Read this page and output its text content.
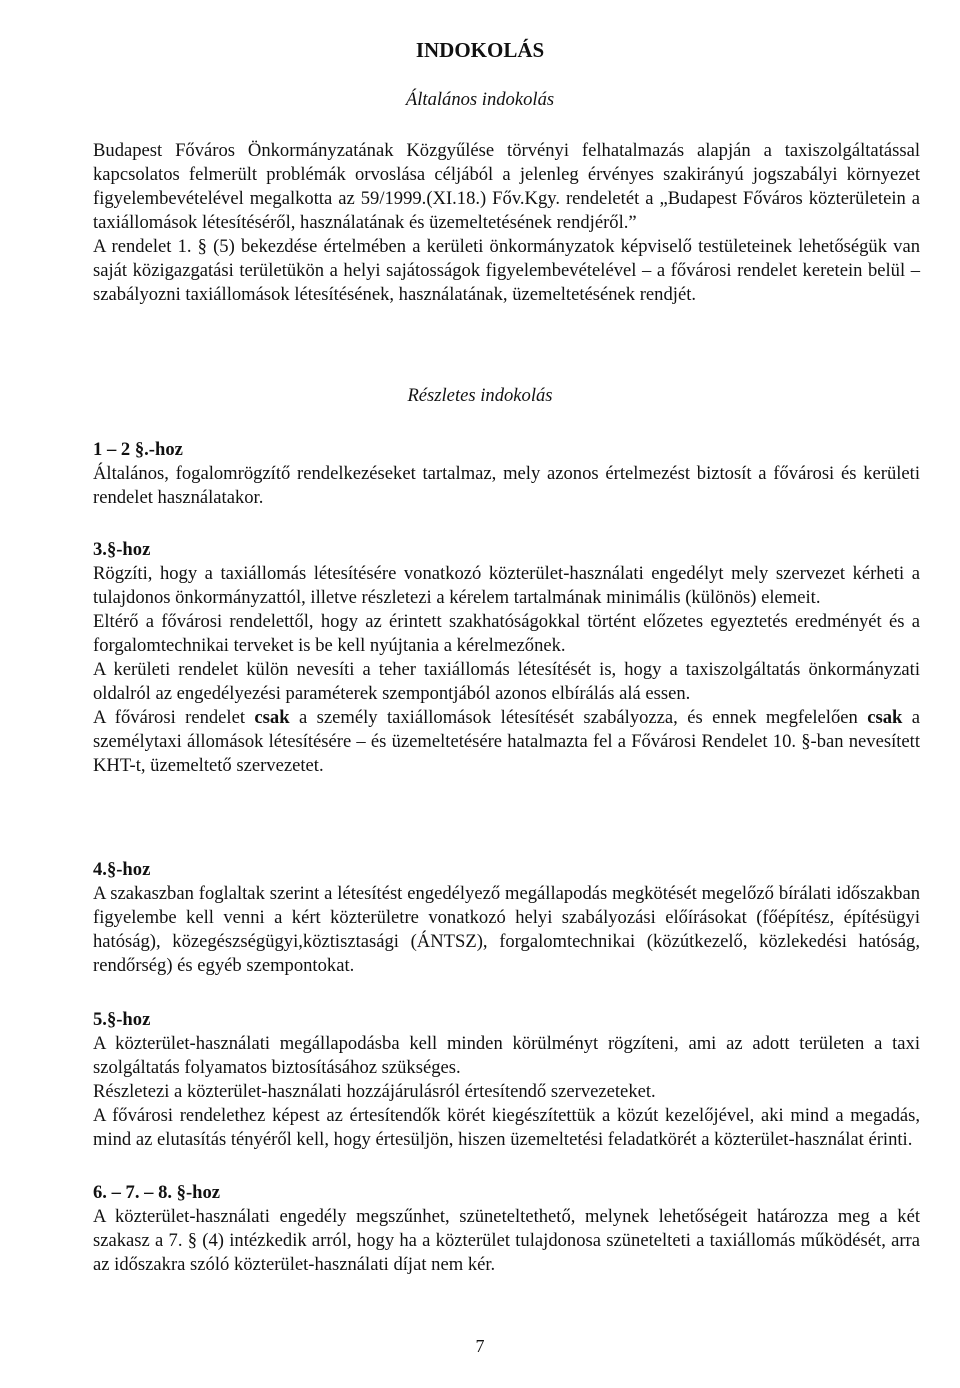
INDOKOLÁS
Általános indokolás

Budapest Főváros Önkormányzatának Közgyűlése törvényi felhatalmazás alapján a taxiszolgáltatással kapcsolatos felmerült problémák orvoslása céljából a jelenleg érvényes szakirányú jogszabályi környezet figyelembevételével megalkotta az 59/1999.(XI.18.) Főv.Kgy. rendeletét a „Budapest Főváros közterületein a taxiállomások létesítéséről, használatának és üzemeltetésének rendjéről.”

A rendelet 1. § (5) bekezdése értelmében a kerületi önkormányzatok képviselő testületeinek lehetőségük van saját közigazgatási területükön a helyi sajátosságok figyelembevételével – a fővárosi rendelet keretein belül – szabályozni taxiállomások létesítésének, használatának, üzemeltetésének rendjét.

Részletes indokolás
1 – 2 §.-hoz

Általános, fogalomrögzítő rendelkezéseket tartalmaz, mely azonos értelmezést biztosít a fővárosi és kerületi rendelet használatakor.

3.§-hoz

Rögzíti, hogy a taxiállomás létesítésére vonatkozó közterület-használati engedélyt mely szervezet kérheti a tulajdonos önkormányzattól, illetve részletezi a kérelem tartalmának minimális (különös) elemeit.

Eltérő a fővárosi rendelettől, hogy az érintett szakhatóságokkal történt előzetes egyeztetés eredményét és a forgalomtechnikai terveket is be kell nyújtania a kérelmezőnek.

A kerületi rendelet külön nevesíti a teher taxiállomás létesítését is, hogy a taxiszolgáltatás önkormányzati oldalról az engedélyezési paraméterek szempontjából azonos elbírálás alá essen.

A fővárosi rendelet csak a személy taxiállomások létesítését szabályozza, és ennek megfelelően csak a személytaxi állomások létesítésére – és üzemeltetésére hatalmazta fel a Fővárosi Rendelet 10. §-ban nevesített KHT-t, üzemeltető szervezetet.

4.§-hoz

A szakaszban foglaltak szerint a létesítést engedélyező megállapodás megkötését megelőző bírálati időszakban figyelembe kell venni a kért közterületre vonatkozó helyi szabályozási előírásokat (főépítész, építésügyi hatóság), közegészségügyi,köztisztasági (ÁNTSZ), forgalomtechnikai (közútkezelő, közlekedési hatóság, rendőrség) és egyéb szempontokat.

5.§-hoz

A közterület-használati megállapodásba kell minden körülményt rögzíteni, ami az adott területen a taxi szolgáltatás folyamatos biztosításához szükséges.

Részletezi a közterület-használati hozzájárulásról értesítendő szervezeteket.

A fővárosi rendelethez képest az értesítendők körét kiegészítettük a közút kezelőjével, aki mind a megadás, mind az elutasítás tényéről kell, hogy értesüljön, hiszen üzemeltetési feladatkörét a közterület-használat érinti.

6. – 7. – 8. §-hoz

A közterület-használati engedély megszűnhet, szüneteltethető, melynek lehetőségeit határozza meg a két szakasz a 7. § (4) intézkedik arról, hogy ha a közterület tulajdonosa szünetelteti a taxiállomás működését, arra az időszakra szóló közterület-használati díjat nem kér.

7
